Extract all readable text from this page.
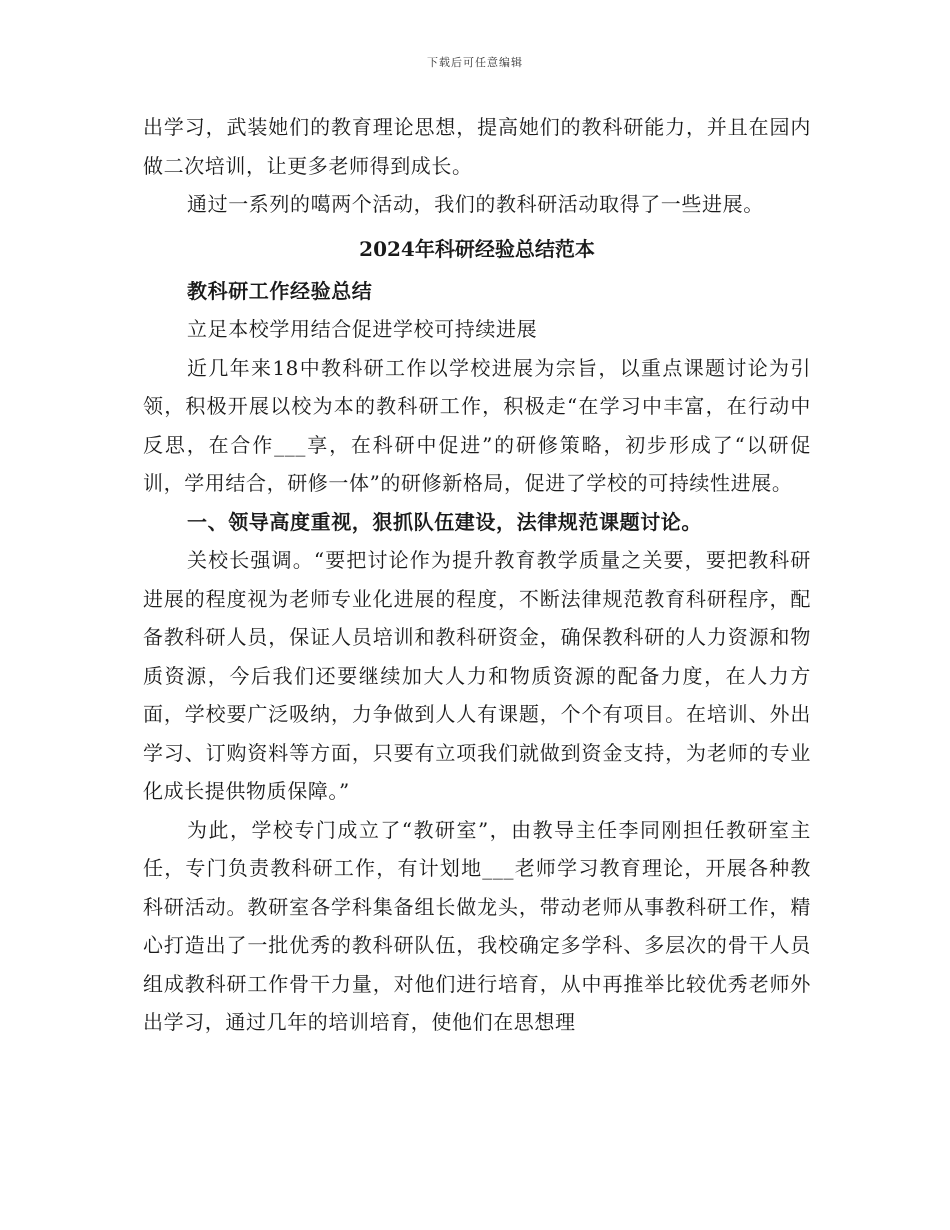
下载后可任意编辑

出学习，武装她们的教育理论思想，提高她们的教科研能力，并且在园内做二次培训，让更多老师得到成长。

通过一系列的噶两个活动，我们的教科研活动取得了一些进展。

2024年科研经验总结范本

教科研工作经验总结

立足本校学用结合促进学校可持续进展

近几年来18中教科研工作以学校进展为宗旨，以重点课题讨论为引领，积极开展以校为本的教科研工作，积极走“在学习中丰富，在行动中反思，在合作___享，在科研中促进”的研修策略，初步形成了“以研促训，学用结合，研修一体”的研修新格局，促进了学校的可持续性进展。

一、领导高度重视，狠抓队伍建设，法律规范课题讨论。

关校长强调。“要把讨论作为提升教育教学质量之关要，要把教科研进展的程度视为老师专业化进展的程度，不断法律规范教育科研程序，配备教科研人员，保证人员培训和教科研资金，确保教科研的人力资源和物质资源，今后我们还要继续加大人力和物质资源的配备力度，在人力方面，学校要广泛吸纳，力争做到人人有课题，个个有项目。在培训、外出学习、订购资料等方面，只要有立项我们就做到资金支持，为老师的专业化成长提供物质保障。”

为此，学校专门成立了“教研室”，由教导主任李同刚担任教研室主任，专门负责教科研工作，有计划地___老师学习教育理论，开展各种教科研活动。教研室各学科集备组长做龙头，带动老师从事教科研工作，精心打造出了一批优秀的教科研队伍，我校确定多学科、多层次的骨干人员组成教科研工作骨干力量，对他们进行培育，从中再推举比较优秀老师外出学习，通过几年的培训培育，使他们在思想理
